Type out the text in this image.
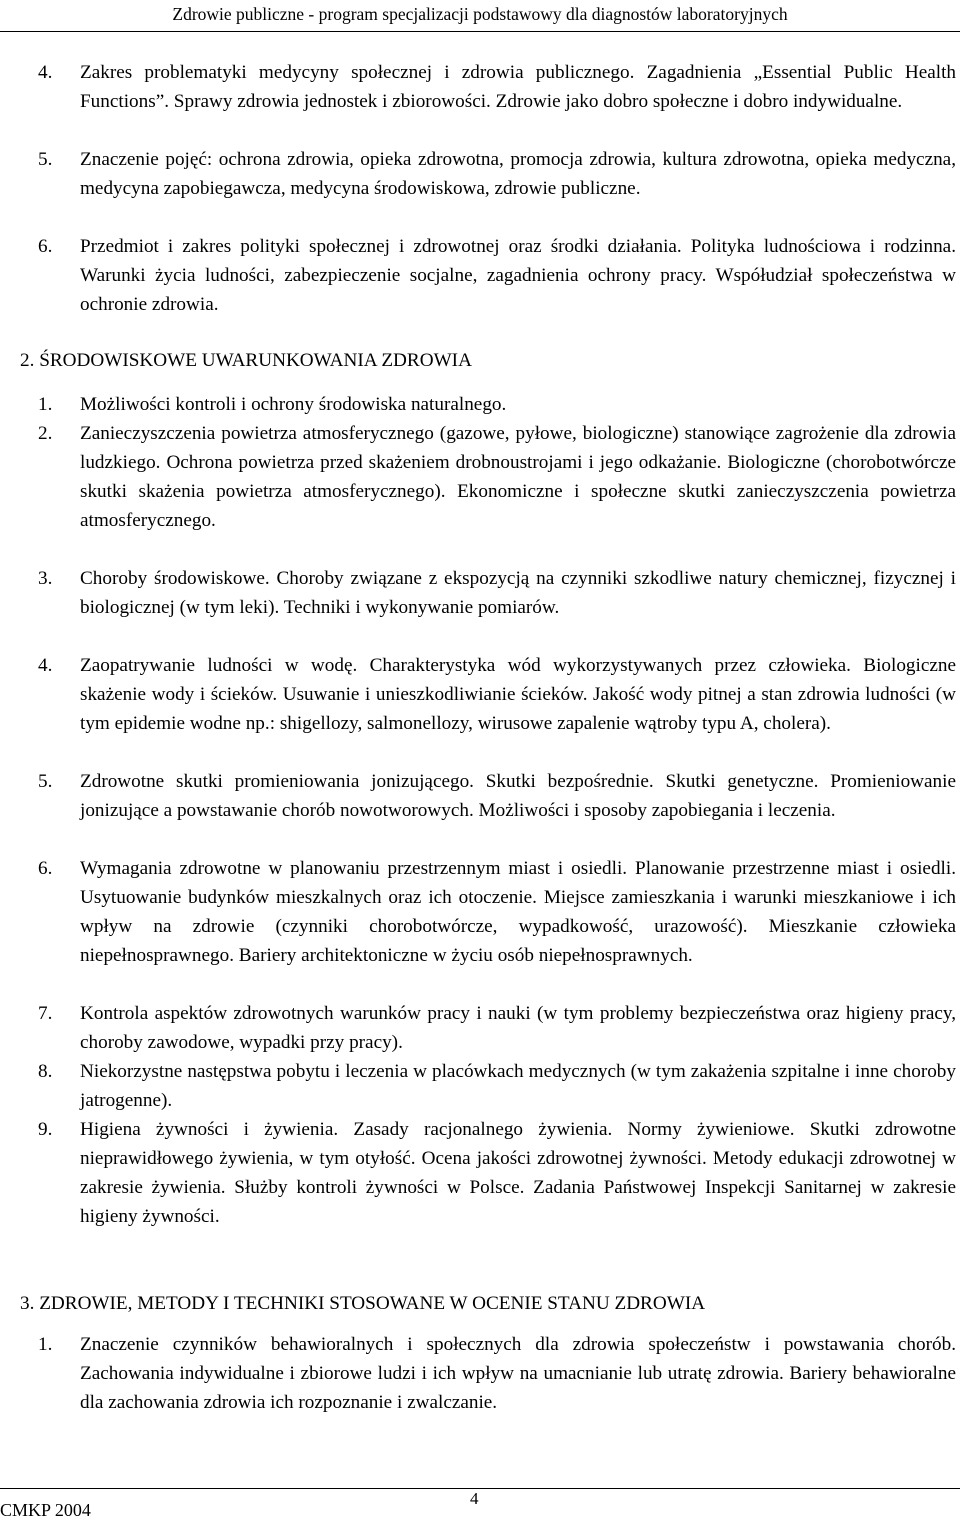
Zdrowie publiczne - program specjalizacji podstawowy dla diagnostów laboratoryjnych
4.	Zakres problematyki medycyny społecznej i zdrowia publicznego. Zagadnienia „Essential Public Health Functions”. Sprawy zdrowia jednostek i zbiorowości. Zdrowie jako dobro społeczne i dobro indywidualne.
5.	Znaczenie pojęć: ochrona zdrowia, opieka zdrowotna, promocja zdrowia, kultura zdrowotna, opieka medyczna, medycyna zapobiegawcza, medycyna środowiskowa, zdrowie publiczne.
6.	Przedmiot i zakres polityki społecznej i zdrowotnej oraz środki działania. Polityka ludnościowa i rodzinna. Warunki życia ludności, zabezpieczenie socjalne, zagadnienia ochrony pracy. Współudział społeczeństwa w ochronie zdrowia.
2. ŚRODOWISKOWE UWARUNKOWANIA ZDROWIA
1.	Możliwości kontroli i ochrony środowiska naturalnego.
2.	Zanieczyszczenia powietrza atmosferycznego (gazowe, pyłowe, biologiczne) stanowiące zagrożenie dla zdrowia ludzkiego. Ochrona powietrza przed skażeniem drobnoustrojami i jego odkażanie. Biologiczne (chorobotwórcze skutki skażenia powietrza atmosferycznego). Ekonomiczne i społeczne skutki zanieczyszczenia powietrza atmosferycznego.
3.	Choroby środowiskowe. Choroby związane z ekspozycją na czynniki szkodliwe natury chemicznej, fizycznej i biologicznej (w tym leki). Techniki i wykonywanie pomiarów.
4.	Zaopatrywanie ludności w wodę. Charakterystyka wód wykorzystywanych przez człowieka. Biologiczne skażenie wody i ścieków. Usuwanie i unieszkodliwianie ścieków. Jakość wody pitnej a stan zdrowia ludności (w tym epidemie wodne np.: shigellozy, salmonellozy, wirusowe zapalenie wątroby typu A, cholera).
5.	Zdrowotne skutki promieniowania jonizującego. Skutki bezpośrednie. Skutki genetyczne. Promieniowanie jonizujące a powstawanie chorób nowotworowych. Możliwości i sposoby zapobiegania i leczenia.
6.	Wymagania zdrowotne w planowaniu przestrzennym miast i osiedli. Planowanie przestrzenne miast i osiedli. Usytuowanie budynków mieszkalnych oraz ich otoczenie. Miejsce zamieszkania i warunki mieszkaniowe i ich wpływ na zdrowie (czynniki chorobotwórcze, wypadkowość, urazowość). Mieszkanie człowieka niepełnosprawnego. Bariery architektoniczne w życiu osób niepełnosprawnych.
7.	Kontrola aspektów zdrowotnych warunków pracy i nauki (w tym problemy bezpieczeństwa oraz higieny pracy, choroby zawodowe, wypadki przy pracy).
8.	Niekorzystne następstwa pobytu i leczenia w placówkach medycznych (w tym zakażenia szpitalne i inne choroby jatrogenne).
9.	Higiena żywności i żywienia. Zasady racjonalnego żywienia. Normy żywieniowe. Skutki zdrowotne nieprawidłowego żywienia, w tym otyłość. Ocena jakości zdrowotnej żywności. Metody edukacji zdrowotnej w zakresie żywienia. Służby kontroli żywności w Polsce. Zadania Państwowej Inspekcji Sanitarnej w zakresie higieny żywności.
3. ZDROWIE, METODY I TECHNIKI STOSOWANE W OCENIE STANU ZDROWIA
1.	Znaczenie czynników behawioralnych i społecznych dla zdrowia społeczeństw i powstawania chorób. Zachowania indywidualne i zbiorowe ludzi i ich wpływ na umacnianie lub utratę zdrowia. Bariery behawioralne dla zachowania zdrowia ich rozpoznanie i zwalczanie.
CMKP 2004
4
